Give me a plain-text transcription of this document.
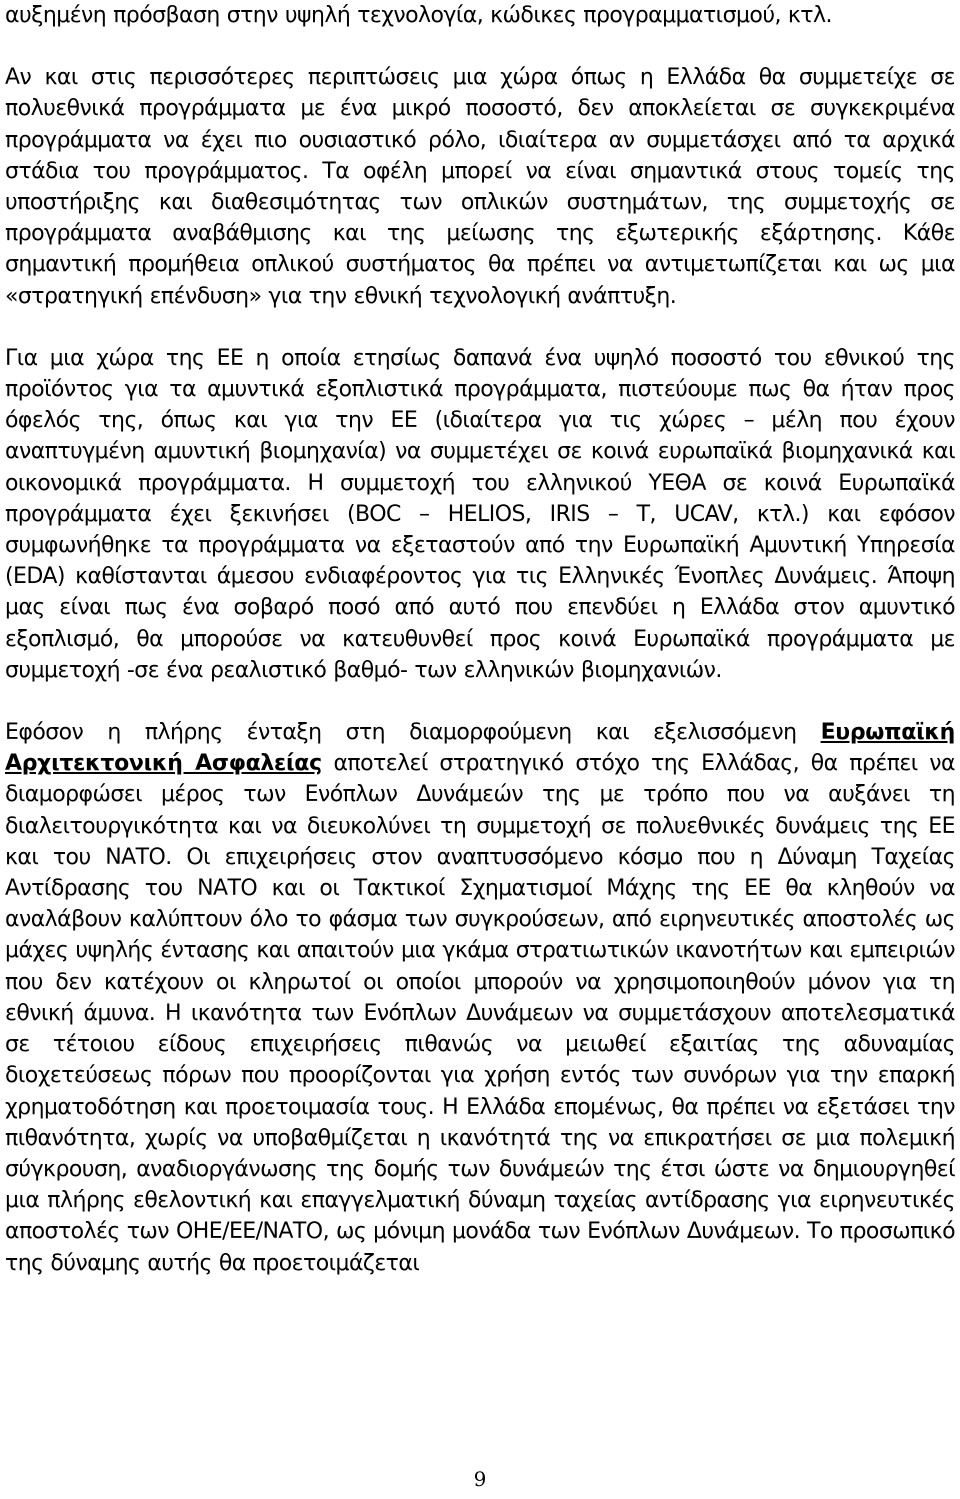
αυξημένη πρόσβαση στην υψηλή τεχνολογία, κώδικες προγραμματισμού, κτλ.

Αν και στις περισσότερες περιπτώσεις μια χώρα όπως η Ελλάδα θα συμμετείχε σε πολυεθνικά προγράμματα με ένα μικρό ποσοστό, δεν αποκλείεται σε συγκεκριμένα προγράμματα να έχει πιο ουσιαστικό ρόλο, ιδιαίτερα αν συμμετάσχει από τα αρχικά στάδια του προγράμματος. Τα οφέλη μπορεί να είναι σημαντικά στους τομείς της υποστήριξης και διαθεσιμότητας των οπλικών συστημάτων, της συμμετοχής σε προγράμματα αναβάθμισης και της μείωσης της εξωτερικής εξάρτησης. Κάθε σημαντική προμήθεια οπλικού συστήματος θα πρέπει να αντιμετωπίζεται και ως μια «στρατηγική επένδυση» για την εθνική τεχνολογική ανάπτυξη.

Για μια χώρα της ΕΕ η οποία ετησίως δαπανά ένα υψηλό ποσοστό του εθνικού της προϊόντος για τα αμυντικά εξοπλιστικά προγράμματα, πιστεύουμε πως θα ήταν προς όφελός της, όπως και για την ΕΕ (ιδιαίτερα για τις χώρες – μέλη που έχουν αναπτυγμένη αμυντική βιομηχανία) να συμμετέχει σε κοινά ευρωπαϊκά βιομηχανικά και οικονομικά προγράμματα. Η συμμετοχή του ελληνικού ΥΕΘΑ σε κοινά Ευρωπαϊκά προγράμματα έχει ξεκινήσει (BOC – HELIOS, IRIS – T, UCAV, κτλ.) και εφόσον συμφωνήθηκε τα προγράμματα να εξεταστούν από την Ευρωπαϊκή Αμυντική Υπηρεσία (EDA) καθίστανται άμεσου ενδιαφέροντος για τις Ελληνικές Ένοπλες Δυνάμεις. Άποψη μας είναι πως ένα σοβαρό ποσό από αυτό που επενδύει η Ελλάδα στον αμυντικό εξοπλισμό, θα μπορούσε να κατευθυνθεί προς κοινά Ευρωπαϊκά προγράμματα με συμμετοχή -σε ένα ρεαλιστικό βαθμό- των ελληνικών βιομηχανιών.

Εφόσον η πλήρης ένταξη στη διαμορφούμενη και εξελισσόμενη Ευρωπαϊκή Αρχιτεκτονική Ασφαλείας αποτελεί στρατηγικό στόχο της Ελλάδας, θα πρέπει να διαμορφώσει μέρος των Ενόπλων Δυνάμεών της με τρόπο που να αυξάνει τη διαλειτουργικότητα και να διευκολύνει τη συμμετοχή σε πολυεθνικές δυνάμεις της ΕΕ και του ΝΑΤΟ. Οι επιχειρήσεις στον αναπτυσσόμενο κόσμο που η Δύναμη Ταχείας Αντίδρασης του ΝΑΤΟ και οι Τακτικοί Σχηματισμοί Μάχης της ΕΕ θα κληθούν να αναλάβουν καλύπτουν όλο το φάσμα των συγκρούσεων, από ειρηνευτικές αποστολές ως μάχες υψηλής έντασης και απαιτούν μια γκάμα στρατιωτικών ικανοτήτων και εμπειριών που δεν κατέχουν οι κληρωτοί οι οποίοι μπορούν να χρησιμοποιηθούν μόνον για τη εθνική άμυνα. Η ικανότητα των Ενόπλων Δυνάμεων να συμμετάσχουν αποτελεσματικά σε τέτοιου είδους επιχειρήσεις πιθανώς να μειωθεί εξαιτίας της αδυναμίας διοχετεύσεως πόρων που προορίζονται για χρήση εντός των συνόρων για την επαρκή χρηματοδότηση και προετοιμασία τους. Η Ελλάδα επομένως, θα πρέπει να εξετάσει την πιθανότητα, χωρίς να υποβαθμίζεται η ικανότητά της να επικρατήσει σε μια πολεμική σύγκρουση, αναδιοργάνωσης της δομής των δυνάμεών της έτσι ώστε να δημιουργηθεί μια πλήρης εθελοντική και επαγγελματική δύναμη ταχείας αντίδρασης για ειρηνευτικές αποστολές των ΟΗΕ/ΕΕ/ΝΑΤΟ, ως μόνιμη μονάδα των Ενόπλων Δυνάμεων. Το προσωπικό της δύναμης αυτής θα προετοιμάζεται

9
